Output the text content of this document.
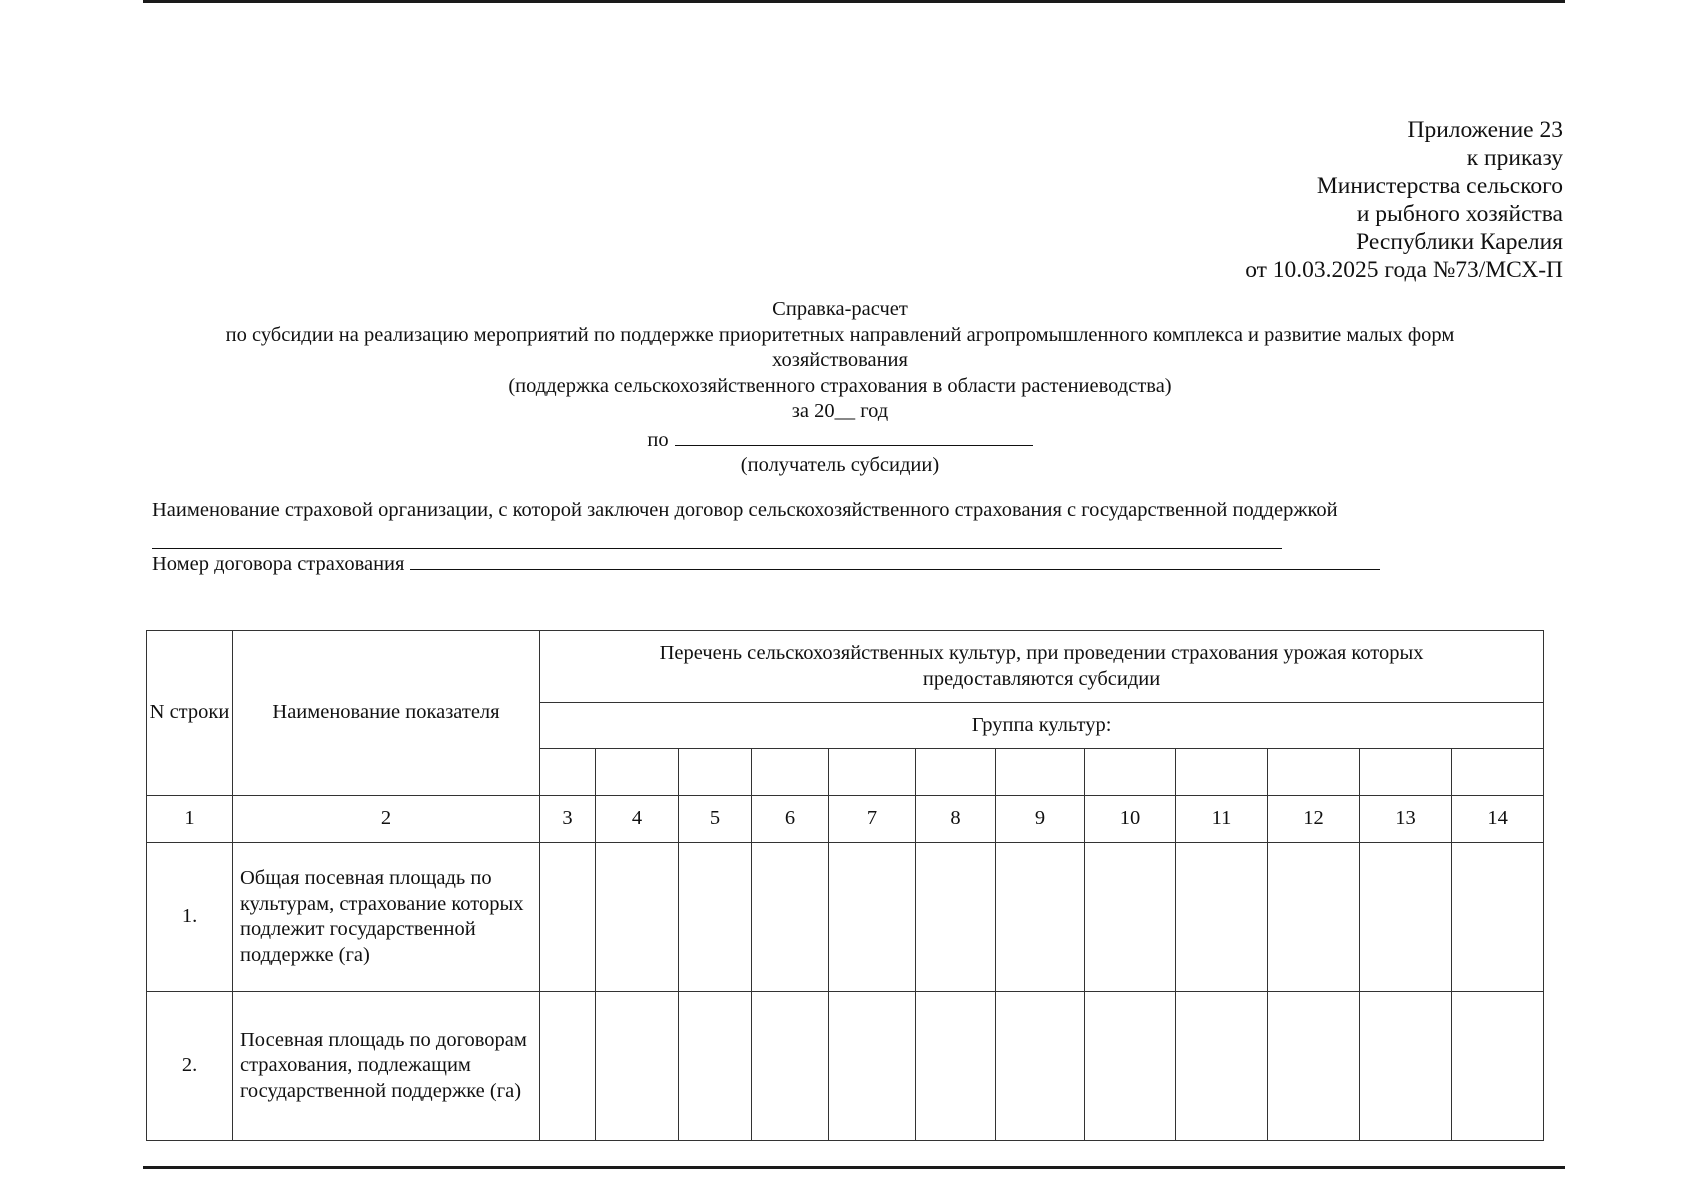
Приложение 23
к приказу
Министерства сельского
и рыбного хозяйства
Республики Карелия
от 10.03.2025 года №73/МСХ-П
Справка-расчет
по субсидии на реализацию мероприятий по поддержке приоритетных направлений агропромышленного комплекса и развитие малых форм
хозяйствования
(поддержка сельскохозяйственного страхования в области растениеводства)
за 20__ год
по
(получатель субсидии)
Наименование страховой организации, с которой заключен договор сельскохозяйственного страхования с государственной поддержкой
Номер договора страхования
N строки	Наименование показателя	Перечень сельскохозяйственных культур, при проведении страхования урожая которых предоставляются субсидии											
		Группа культур:											

1	2	3	4	5	6	7	8	9	10	11	12	13	14
1.	Общая посевная площадь по культурам, страхование которых подлежит государственной поддержке (га)												
2.	Посевная площадь по договорам страхования, подлежащим государственной поддержке (га)												
